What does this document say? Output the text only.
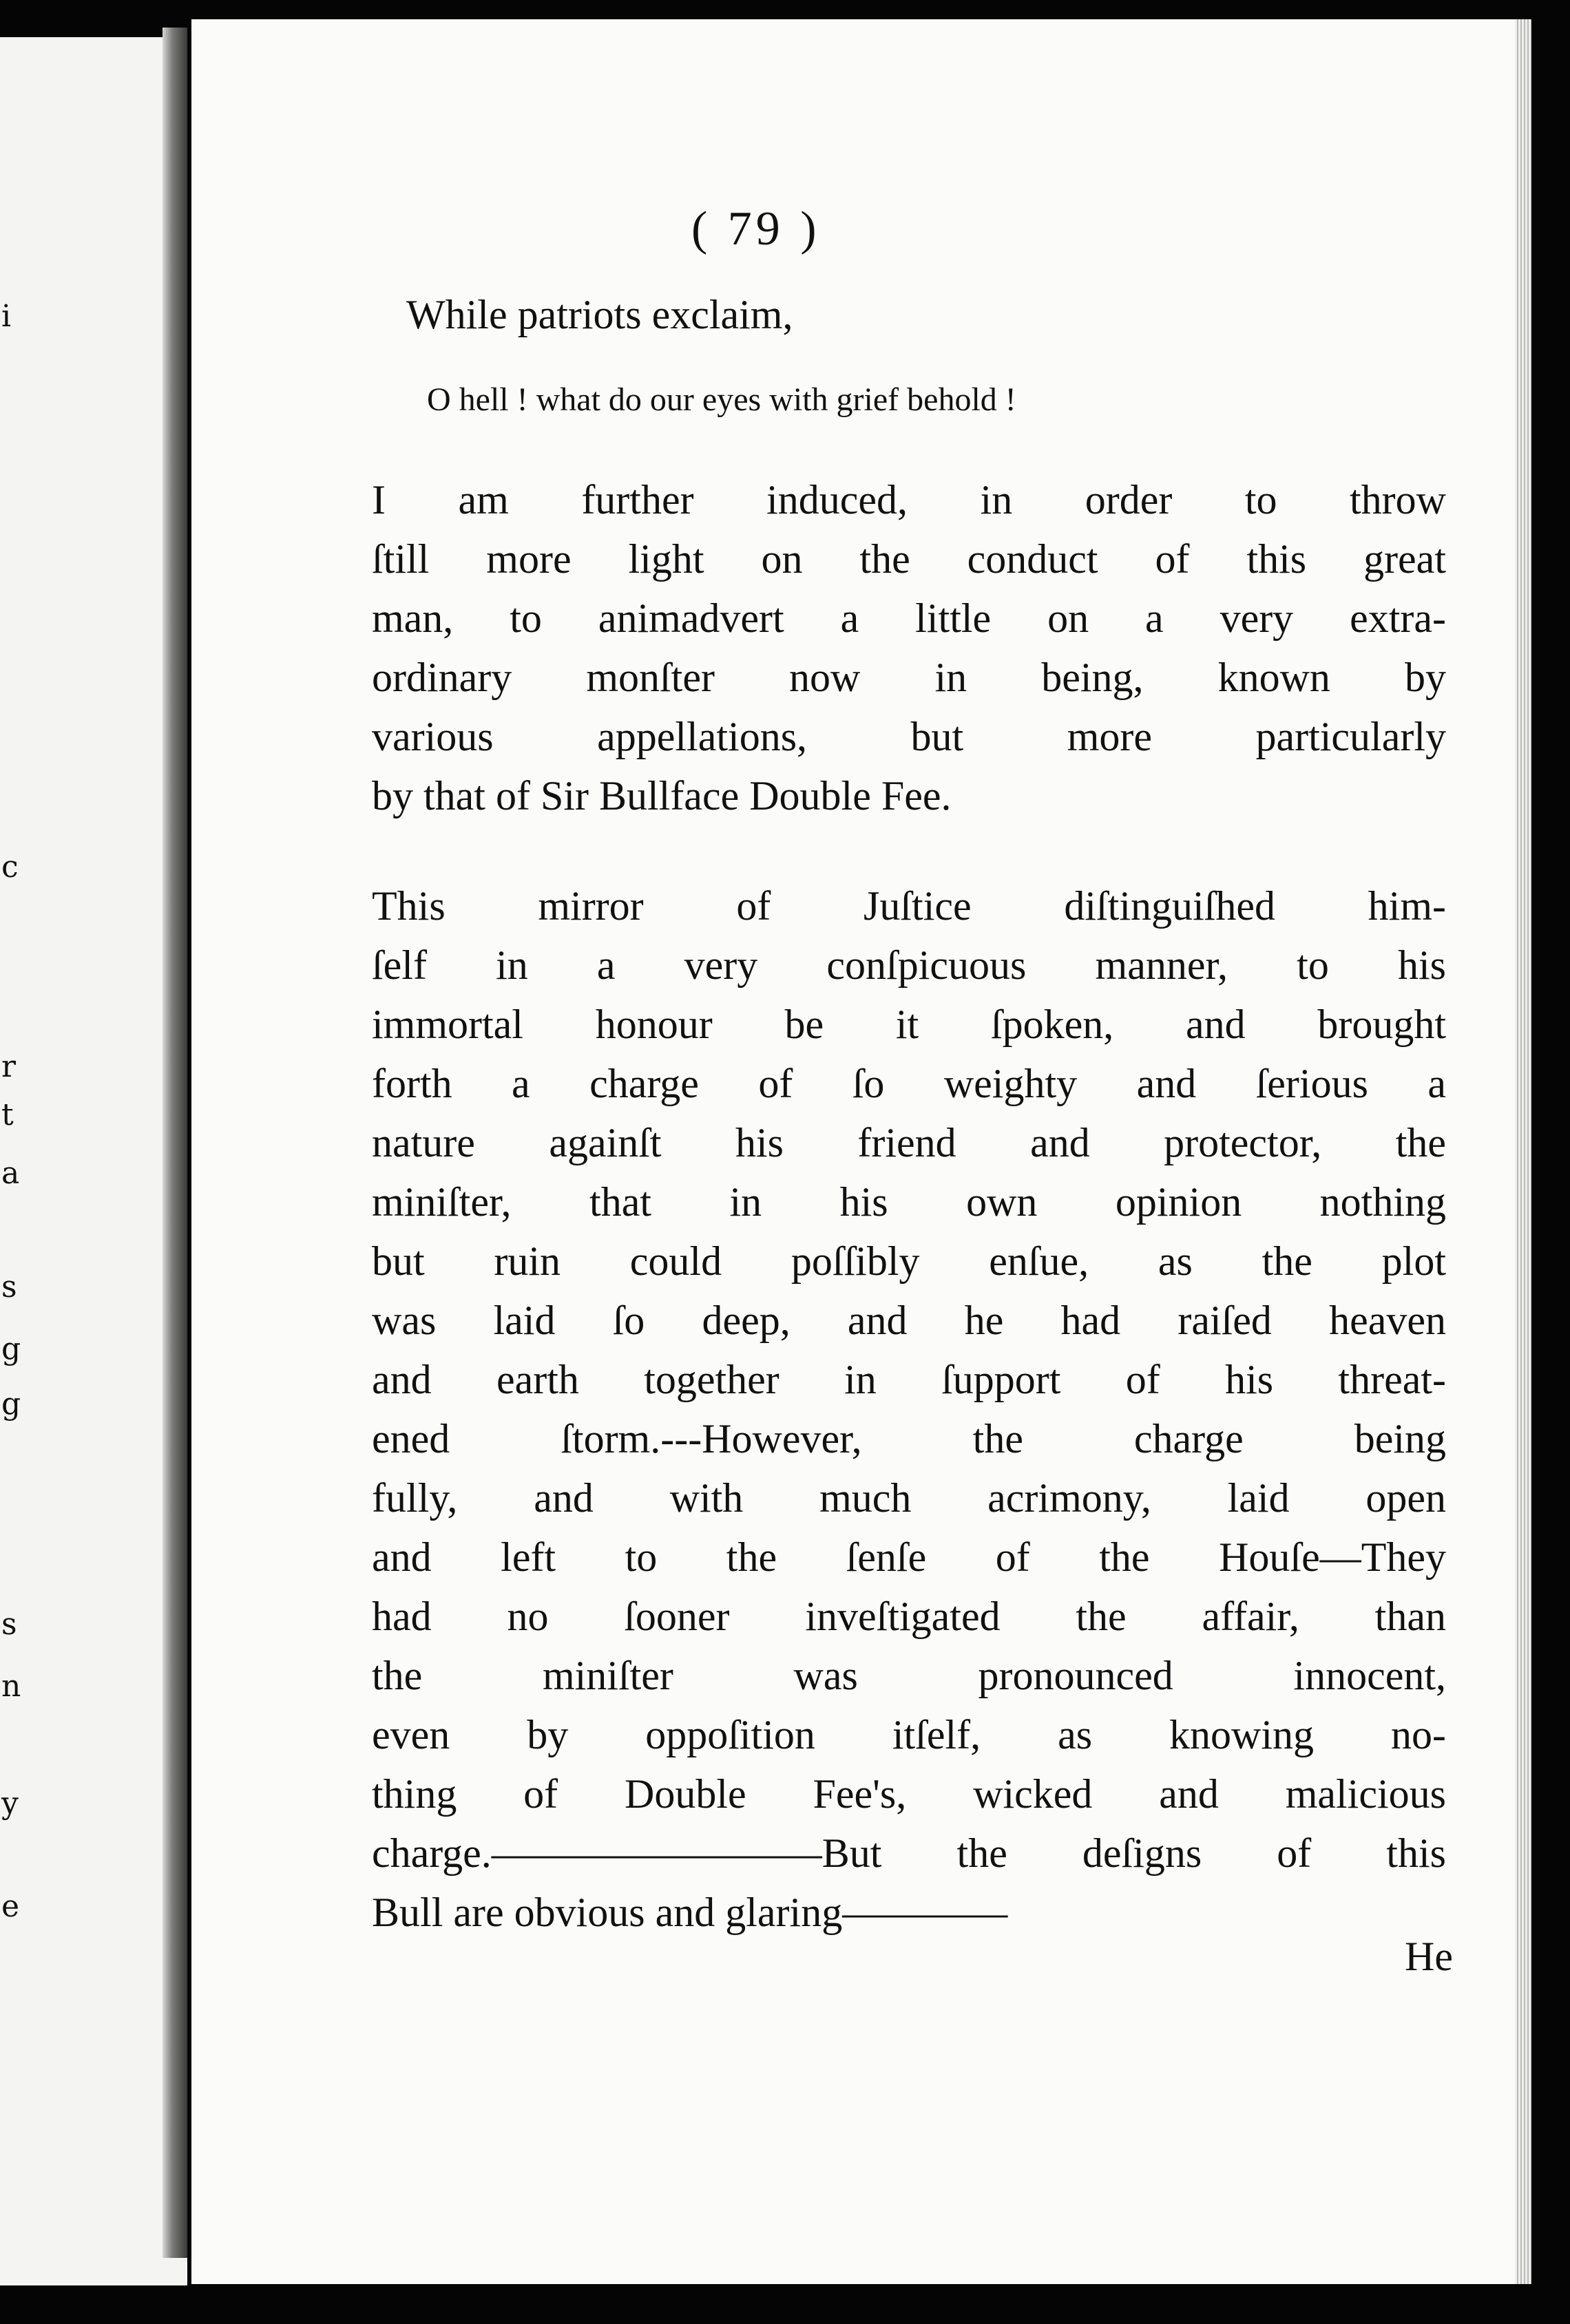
i
c
r
t
a
s
g
g
s
n
y
e
( 79 )
While patriots exclaim,
O hell ! what do our eyes with grief behold !
I am further induced, in order to throw
ſtill more light on the conduct of this great
man, to animadvert a little on a very extra-
ordinary monſter now in being, known by
various appellations, but more particularly
by that of Sir Bullface Double Fee.
This mirror of Juſtice diſtinguiſhed him-
ſelf in a very conſpicuous manner, to his
immortal honour be it ſpoken, and brought
forth a charge of ſo weighty and ſerious a
nature againſt his friend and protector, the
miniſter, that in his own opinion nothing
but ruin could poſſibly enſue, as the plot
was laid ſo deep, and he had raiſed heaven
and earth together in ſupport of his threat-
ened ſtorm.---However, the charge being
fully, and with much acrimony, laid open
and left to the ſenſe of the Houſe—They
had no ſooner inveſtigated the affair, than
the miniſter was pronounced innocent,
even by oppoſition itſelf, as knowing no-
thing of Double Fee's, wicked and malicious
charge.————————But the deſigns of this
Bull are obvious and glaring————
He
